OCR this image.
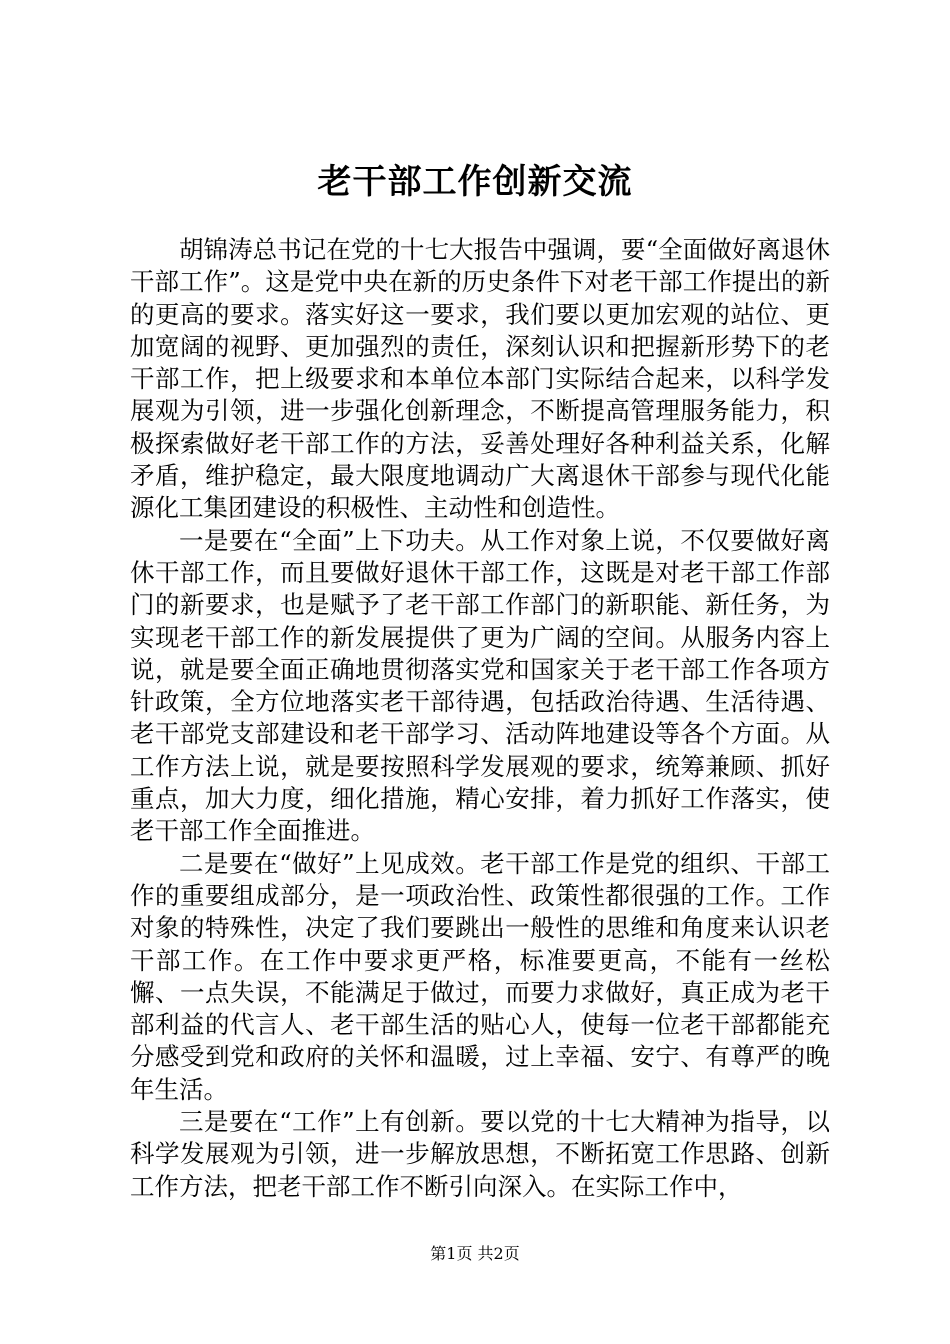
老干部工作创新交流

胡锦涛总书记在党的十七大报告中强调，要“全面做好离退休干部工作”。这是党中央在新的历史条件下对老干部工作提出的新的更高的要求。落实好这一要求，我们要以更加宏观的站位、更加宽阔的视野、更加强烈的责任，深刻认识和把握新形势下的老干部工作，把上级要求和本单位本部门实际结合起来，以科学发展观为引领，进一步强化创新理念，不断提高管理服务能力，积极探索做好老干部工作的方法，妥善处理好各种利益关系，化解矛盾，维护稳定，最大限度地调动广大离退休干部参与现代化能源化工集团建设的积极性、主动性和创造性。

一是要在“全面”上下功夫。从工作对象上说，不仅要做好离休干部工作，而且要做好退休干部工作，这既是对老干部工作部门的新要求，也是赋予了老干部工作部门的新职能、新任务，为实现老干部工作的新发展提供了更为广阔的空间。从服务内容上说，就是要全面正确地贯彻落实党和国家关于老干部工作各项方针政策，全方位地落实老干部待遇，包括政治待遇、生活待遇、老干部党支部建设和老干部学习、活动阵地建设等各个方面。从工作方法上说，就是要按照科学发展观的要求，统筹兼顾、抓好重点，加大力度，细化措施，精心安排，着力抓好工作落实，使老干部工作全面推进。

二是要在“做好”上见成效。老干部工作是党的组织、干部工作的重要组成部分，是一项政治性、政策性都很强的工作。工作对象的特殊性，决定了我们要跳出一般性的思维和角度来认识老干部工作。在工作中要求更严格，标准要更高，不能有一丝松懈、一点失误，不能满足于做过，而要力求做好，真正成为老干部利益的代言人、老干部生活的贴心人，使每一位老干部都能充分感受到党和政府的关怀和温暖，过上幸福、安宁、有尊严的晚年生活。

三是要在“工作”上有创新。要以党的十七大精神为指导，以科学发展观为引领，进一步解放思想，不断拓宽工作思路、创新工作方法，把老干部工作不断引向深入。在实际工作中，

第1页 共2页
